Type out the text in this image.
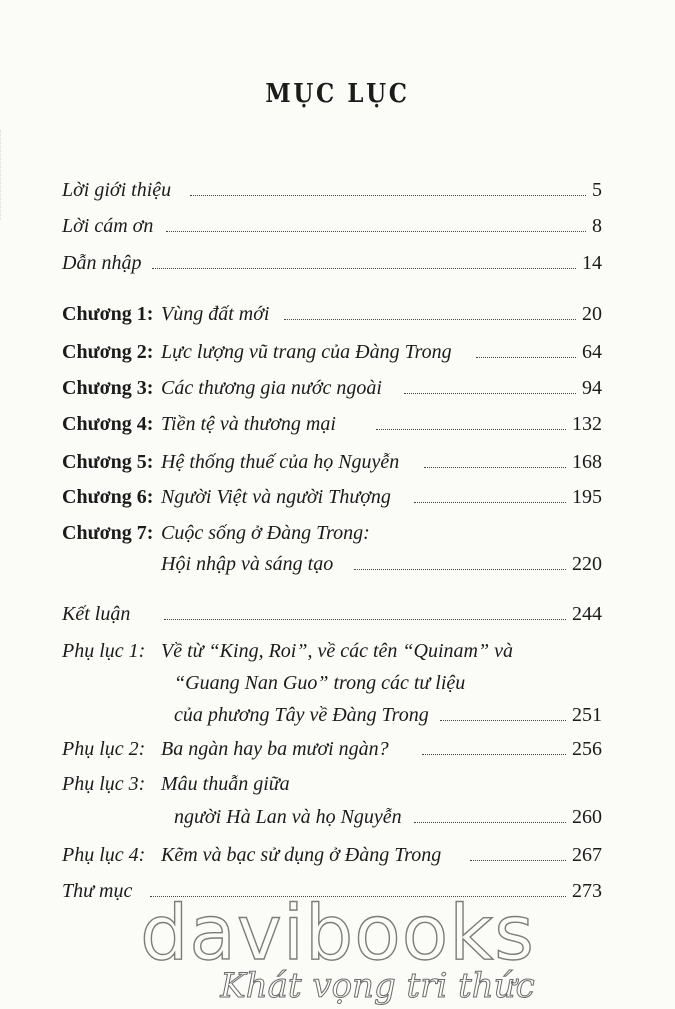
MỤC LỤC
Lời giới thiệu	5
Lời cám ơn	8
Dẫn nhập	14
Chương 1: Vùng đất mới	20
Chương 2: Lực lượng vũ trang của Đàng Trong	64
Chương 3: Các thương gia nước ngoài	94
Chương 4: Tiền tệ và thương mại	132
Chương 5: Hệ thống thuế của họ Nguyễn	168
Chương 6: Người Việt và người Thượng	195
Chương 7: Cuộc sống ở Đàng Trong:
Hội nhập và sáng tạo	220
Kết luận	244
Phụ lục 1: Về từ “King, Roi”, về các tên “Quinam” và
“Guang Nan Guo” trong các tư liệu
của phương Tây về Đàng Trong	251
Phụ lục 2: Ba ngàn hay ba mươi ngàn?	256
Phụ lục 3: Mâu thuẫn giữa
người Hà Lan và họ Nguyễn	260
Phụ lục 4: Kẽm và bạc sử dụng ở Đàng Trong	267
Thư mục	273
davibooks
Khát vọng tri thức
